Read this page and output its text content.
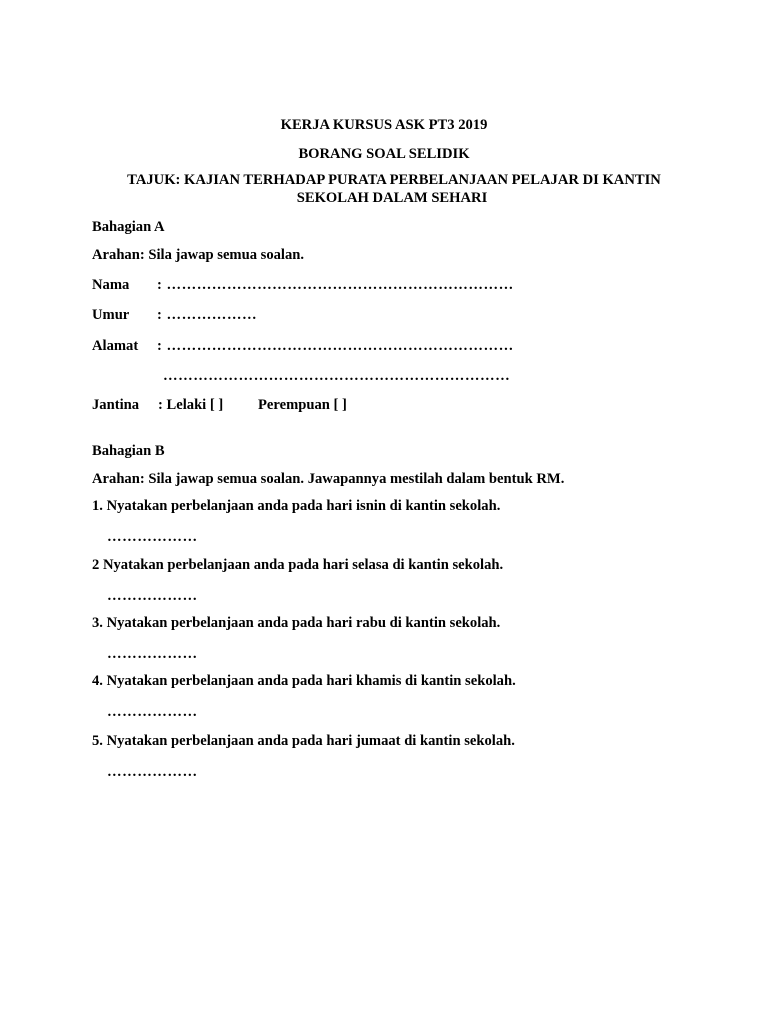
KERJA KURSUS ASK PT3 2019
BORANG SOAL SELIDIK
TAJUK: KAJIAN TERHADAP PURATA PERBELANJAAN PELAJAR DI KANTIN
SEKOLAH DALAM SEHARI
Bahagian A
Arahan: Sila jawap semua soalan.
Nama : ……………………………………………………………
Umur : ………………
Alamat : ……………………………………………………………
……………………………………………………………
Jantina : Lelaki [ ] Perempuan [ ]
Bahagian B
Arahan: Sila jawap semua soalan. Jawapannya mestilah dalam bentuk RM.
1. Nyatakan perbelanjaan anda pada hari isnin di kantin sekolah.
………………
2 Nyatakan perbelanjaan anda pada hari selasa di kantin sekolah.
………………
3. Nyatakan perbelanjaan anda pada hari rabu di kantin sekolah.
………………
4. Nyatakan perbelanjaan anda pada hari khamis di kantin sekolah.
………………
5. Nyatakan perbelanjaan anda pada hari jumaat di kantin sekolah.
………………
